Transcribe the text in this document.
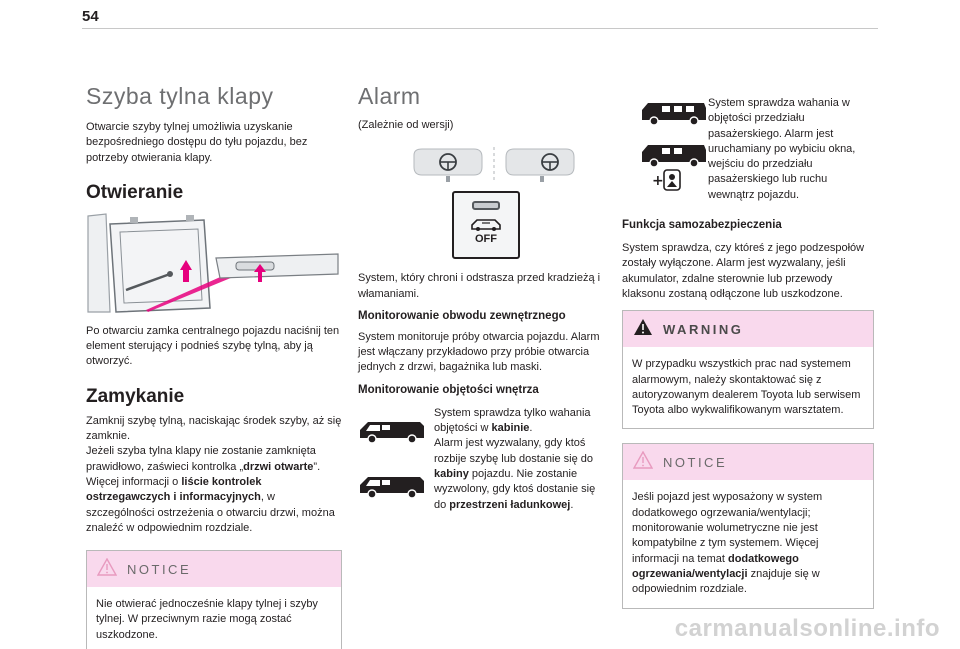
54
Szyba tylna klapy

Otwarcie szyby tylnej umożliwia uzyskanie bezpośredniego dostępu do tyłu pojazdu, bez potrzeby otwierania klapy.

Otwieranie

Po otwarciu zamka centralnego pojazdu naciśnij ten element sterujący i podnieś szybę tylną, aby ją otworzyć.

Zamykanie

Zamknij szybę tylną, naciskając środek szyby, aż się zamknie.

Jeżeli szyba tylna klapy nie zostanie zamknięta prawidłowo, zaświeci kontrolka „drzwi otwarte”. Więcej informacji o liście kontrolek ostrzegawczych i informacyjnych, w szczególności ostrzeżenia o otwarciu drzwi, można znaleźć w odpowiednim rozdziale.

NOTICE

Nie otwierać jednocześnie klapy tylnej i szyby tylnej. W przeciwnym razie mogą zostać uszkodzone.

Alarm

(Zależnie od wersji)

OFF

System, który chroni i odstrasza przed kradzieżą i włamaniami.

Monitorowanie obwodu zewnętrznego

System monitoruje próby otwarcia pojazdu. Alarm jest włączany przykładowo przy próbie otwarcia jednych z drzwi, bagażnika lub maski.

Monitorowanie objętości wnętrza

System sprawdza tylko wahania objętości w kabinie.
Alarm jest wyzwalany, gdy ktoś rozbije szybę lub dostanie się do kabiny pojazdu. Nie zostanie wyzwolony, gdy ktoś dostanie się do przestrzeni ładunkowej.

+

System sprawdza wahania w objętości przedziału pasażerskiego. Alarm jest uruchamiany po wybiciu okna, wejściu do przedziału pasażerskiego lub ruchu wewnątrz pojazdu.

Funkcja samozabezpieczenia

System sprawdza, czy któreś z jego podzespołów zostały wyłączone. Alarm jest wyzwalany, jeśli akumulator, zdalne sterownie lub przewody klaksonu zostaną odłączone lub uszkodzone.

WARNING

W przypadku wszystkich prac nad systemem alarmowym, należy skontaktować się z autoryzowanym dealerem Toyota lub serwisem Toyota albo wykwalifikowanym warsztatem.

NOTICE

Jeśli pojazd jest wyposażony w system dodatkowego ogrzewania/wentylacji; monitorowanie wolumetryczne nie jest kompatybilne z tym systemem. Więcej informacji na temat dodatkowego ogrzewania/wentylacji znajduje się w odpowiednim rozdziale.

carmanualsonline.info
